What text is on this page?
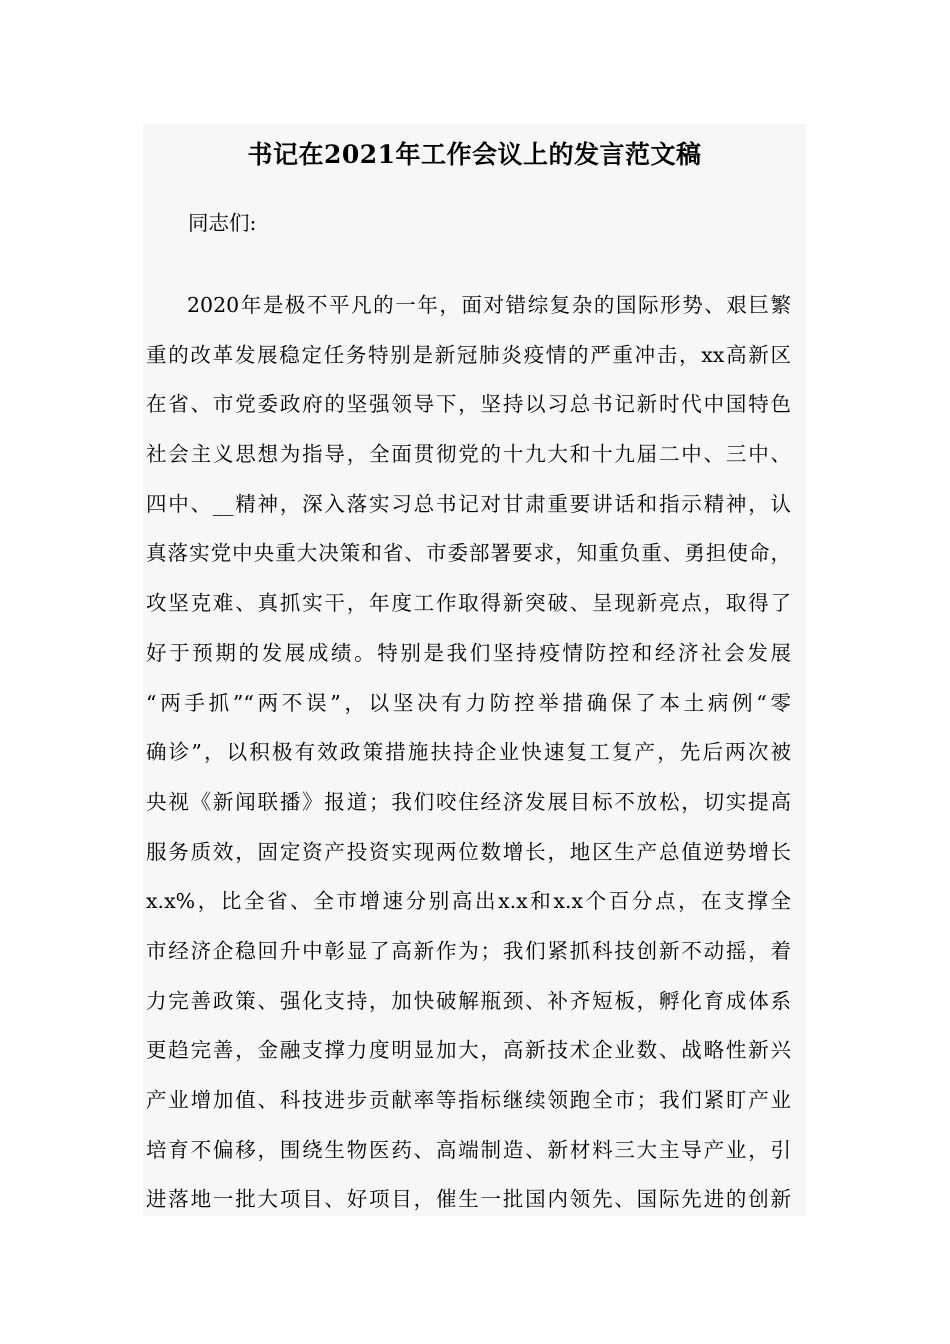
书记在2021年工作会议上的发言范文稿

同志们:

2020年是极不平凡的一年，面对错综复杂的国际形势、艰巨繁
重的改革发展稳定任务特别是新冠肺炎疫情的严重冲击，xx高新区
在省、市党委政府的坚强领导下，坚持以习总书记新时代中国特色
社会主义思想为指导，全面贯彻党的十九大和十九届二中、三中、
四中、__精神，深入落实习总书记对甘肃重要讲话和指示精神，认
真落实党中央重大决策和省、市委部署要求，知重负重、勇担使命，
攻坚克难、真抓实干，年度工作取得新突破、呈现新亮点，取得了
好于预期的发展成绩。特别是我们坚持疫情防控和经济社会发展
“两手抓”“两不误”，以坚决有力防控举措确保了本土病例“零
确诊”，以积极有效政策措施扶持企业快速复工复产，先后两次被
央视《新闻联播》报道；我们咬住经济发展目标不放松，切实提高
服务质效，固定资产投资实现两位数增长，地区生产总值逆势增长
x.x%，比全省、全市增速分别高出x.x和x.x个百分点，在支撑全
市经济企稳回升中彰显了高新作为；我们紧抓科技创新不动摇，着
力完善政策、强化支持，加快破解瓶颈、补齐短板，孵化育成体系
更趋完善，金融支撑力度明显加大，高新技术企业数、战略性新兴
产业增加值、科技进步贡献率等指标继续领跑全市；我们紧盯产业
培育不偏移，围绕生物医药、高端制造、新材料三大主导产业，引
进落地一批大项目、好项目，催生一批国内领先、国际先进的创新
